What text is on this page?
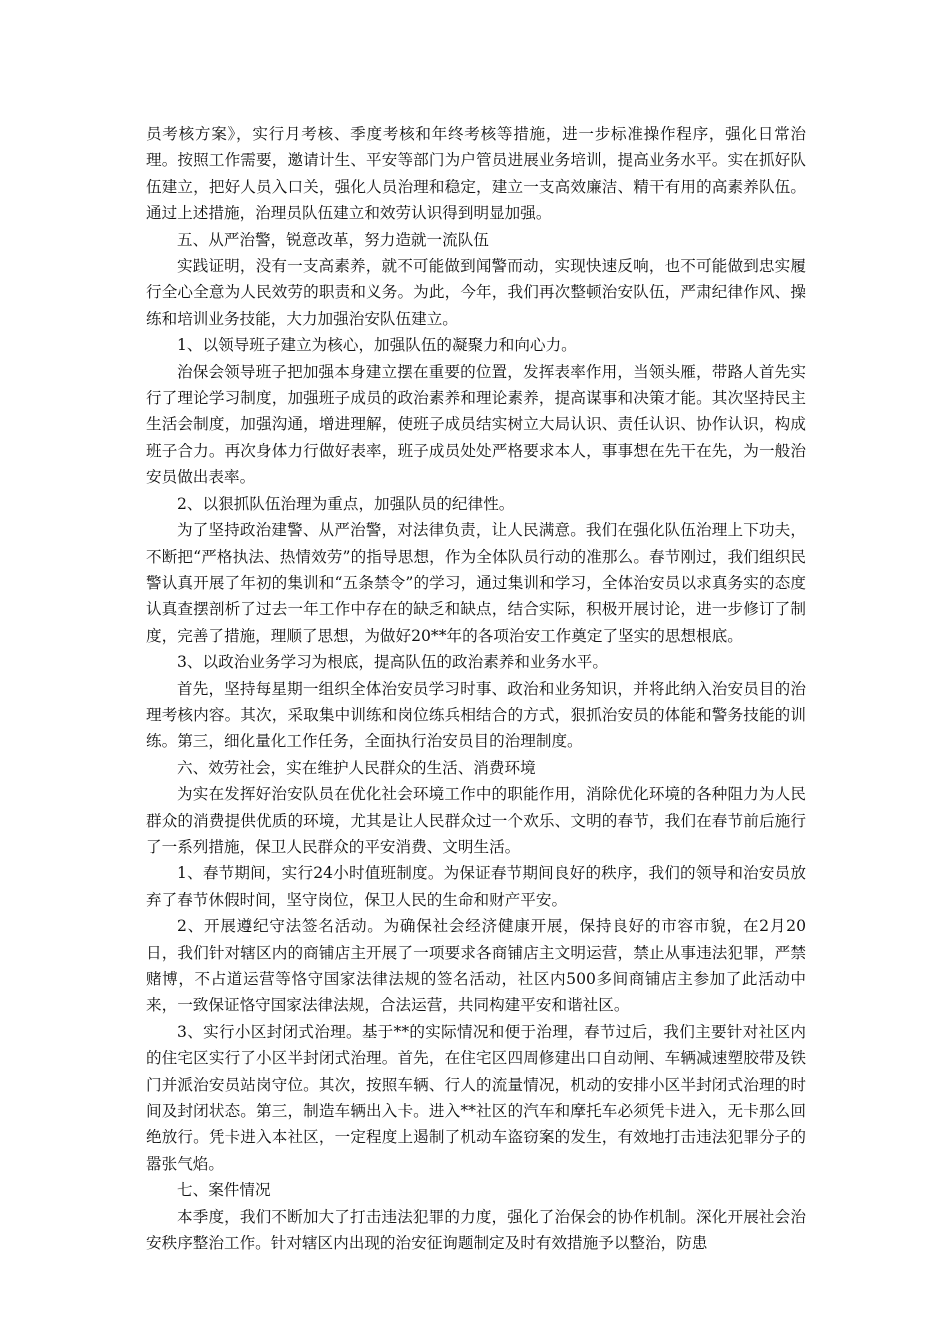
员考核方案》，实行月考核、季度考核和年终考核等措施，进一步标准操作程序，强化日常治理。按照工作需要，邀请计生、平安等部门为户管员进展业务培训，提高业务水平。实在抓好队伍建立，把好人员入口关，强化人员治理和稳定，建立一支高效廉洁、精干有用的高素养队伍。通过上述措施，治理员队伍建立和效劳认识得到明显加强。

五、从严治警，锐意改革，努力造就一流队伍

实践证明，没有一支高素养，就不可能做到闻警而动，实现快速反响，也不可能做到忠实履行全心全意为人民效劳的职责和义务。为此，今年，我们再次整顿治安队伍，严肃纪律作风、操练和培训业务技能，大力加强治安队伍建立。

1、以领导班子建立为核心，加强队伍的凝聚力和向心力。

治保会领导班子把加强本身建立摆在重要的位置，发挥表率作用，当领头雁，带路人首先实行了理论学习制度，加强班子成员的政治素养和理论素养，提高谋事和决策才能。其次坚持民主生活会制度，加强沟通，增进理解，使班子成员结实树立大局认识、责任认识、协作认识，构成班子合力。再次身体力行做好表率，班子成员处处严格要求本人，事事想在先干在先，为一般治安员做出表率。

2、以狠抓队伍治理为重点，加强队员的纪律性。

为了坚持政治建警、从严治警，对法律负责，让人民满意。我们在强化队伍治理上下功夫，不断把“严格执法、热情效劳”的指导思想，作为全体队员行动的准那么。春节刚过，我们组织民警认真开展了年初的集训和“五条禁令”的学习，通过集训和学习，全体治安员以求真务实的态度认真查摆剖析了过去一年工作中存在的缺乏和缺点，结合实际，积极开展讨论，进一步修订了制度，完善了措施，理顺了思想，为做好20**年的各项治安工作奠定了坚实的思想根底。

3、以政治业务学习为根底，提高队伍的政治素养和业务水平。

首先，坚持每星期一组织全体治安员学习时事、政治和业务知识，并将此纳入治安员目的治理考核内容。其次，采取集中训练和岗位练兵相结合的方式，狠抓治安员的体能和警务技能的训练。第三，细化量化工作任务，全面执行治安员目的治理制度。

六、效劳社会，实在维护人民群众的生活、消费环境

为实在发挥好治安队员在优化社会环境工作中的职能作用，消除优化环境的各种阻力为人民群众的消费提供优质的环境，尤其是让人民群众过一个欢乐、文明的春节，我们在春节前后施行了一系列措施，保卫人民群众的平安消费、文明生活。

1、春节期间，实行24小时值班制度。为保证春节期间良好的秩序，我们的领导和治安员放弃了春节休假时间，坚守岗位，保卫人民的生命和财产平安。

2、开展遵纪守法签名活动。为确保社会经济健康开展，保持良好的市容市貌，在2月20日，我们针对辖区内的商铺店主开展了一项要求各商铺店主文明运营，禁止从事违法犯罪，严禁赌博，不占道运营等恪守国家法律法规的签名活动，社区内500多间商铺店主参加了此活动中来，一致保证恪守国家法律法规，合法运营，共同构建平安和谐社区。

3、实行小区封闭式治理。基于**的实际情况和便于治理，春节过后，我们主要针对社区内的住宅区实行了小区半封闭式治理。首先，在住宅区四周修建出口自动闸、车辆减速塑胶带及铁门并派治安员站岗守位。其次，按照车辆、行人的流量情况，机动的安排小区半封闭式治理的时间及封闭状态。第三，制造车辆出入卡。进入**社区的汽车和摩托车必须凭卡进入，无卡那么回绝放行。凭卡进入本社区，一定程度上遏制了机动车盗窃案的发生，有效地打击违法犯罪分子的嚣张气焰。

七、案件情况

本季度，我们不断加大了打击违法犯罪的力度，强化了治保会的协作机制。深化开展社会治安秩序整治工作。针对辖区内出现的治安征询题制定及时有效措施予以整治，防患
